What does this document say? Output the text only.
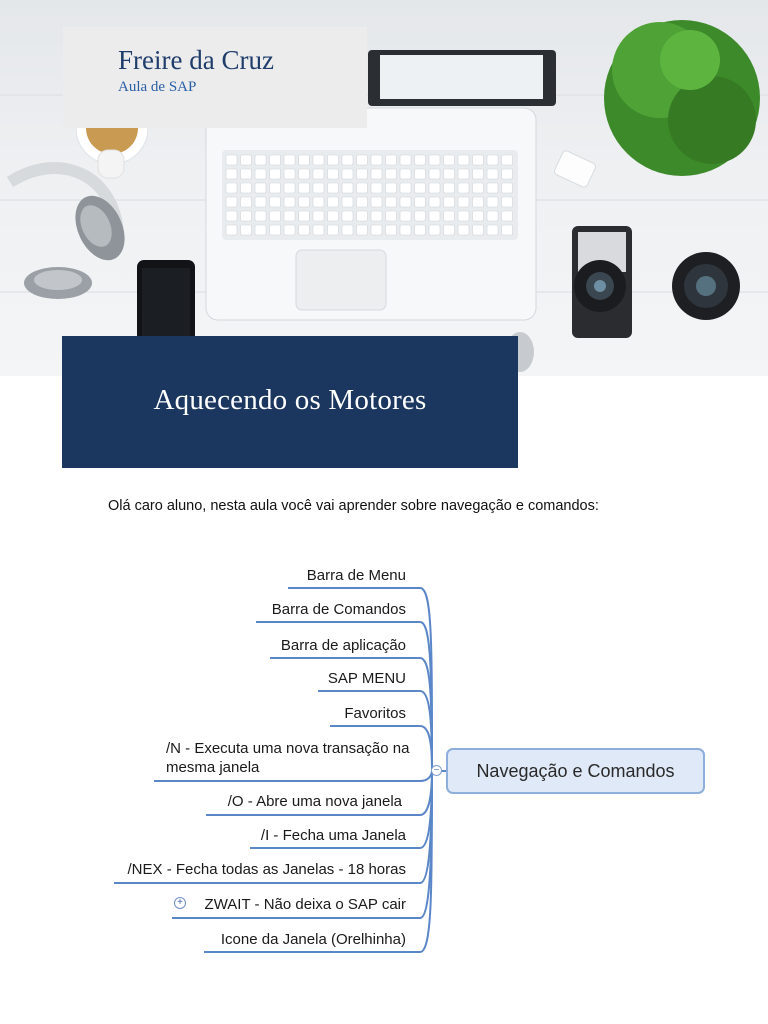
Freire da Cruz
Aula de SAP
Aquecendo os Motores

Olá caro aluno, nesta aula você vai aprender sobre navegação e comandos:

Barra de Menu
Barra de Comandos
Barra de aplicação
SAP MENU
Favoritos
/N - Executa uma nova transação na mesma janela
/O - Abre uma nova janela
/I - Fecha uma Janela
/NEX - Fecha todas as Janelas - 18 horas
+ ZWAIT - Não deixa o SAP cair
Icone da Janela (Orelhinha)
− Navegação e Comandos
